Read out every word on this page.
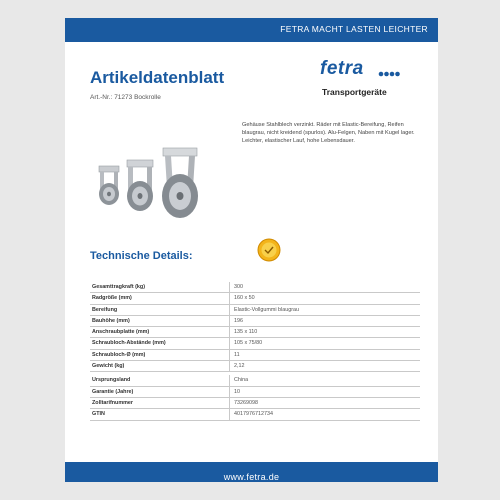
FETRA MACHT LASTEN LEICHTER
Artikeldatenblatt
Art.-Nr.: 71273 Bockrolle
fetra
Transportgeräte
Gehäuse Stahlblech verzinkt. Räder mit Elastic-Bereifung, Reifen blaugrau, nicht kreidend (spurlos). Alu-Felgen, Naben mit Kugel lager. Leichter, elastischer Lauf, hohe Lebensdauer.
Technische Details:
Gesamttragkraft (kg)	300
Radgröße (mm)	160 x 50
Bereifung	Elastic-Vollgummi blaugrau
Bauhöhe (mm)	196
Anschraubplatte (mm)	135 x 110
Schraubloch-Abstände (mm)	105 x 75/80
Schraubloch-Ø (mm)	11
Gewicht (kg)	2,12
Ursprungsland	China
Garantie (Jahre)	10
Zolltarifnummer	73269098
GTIN	4017976712734
$_{www.fetra.de}$
